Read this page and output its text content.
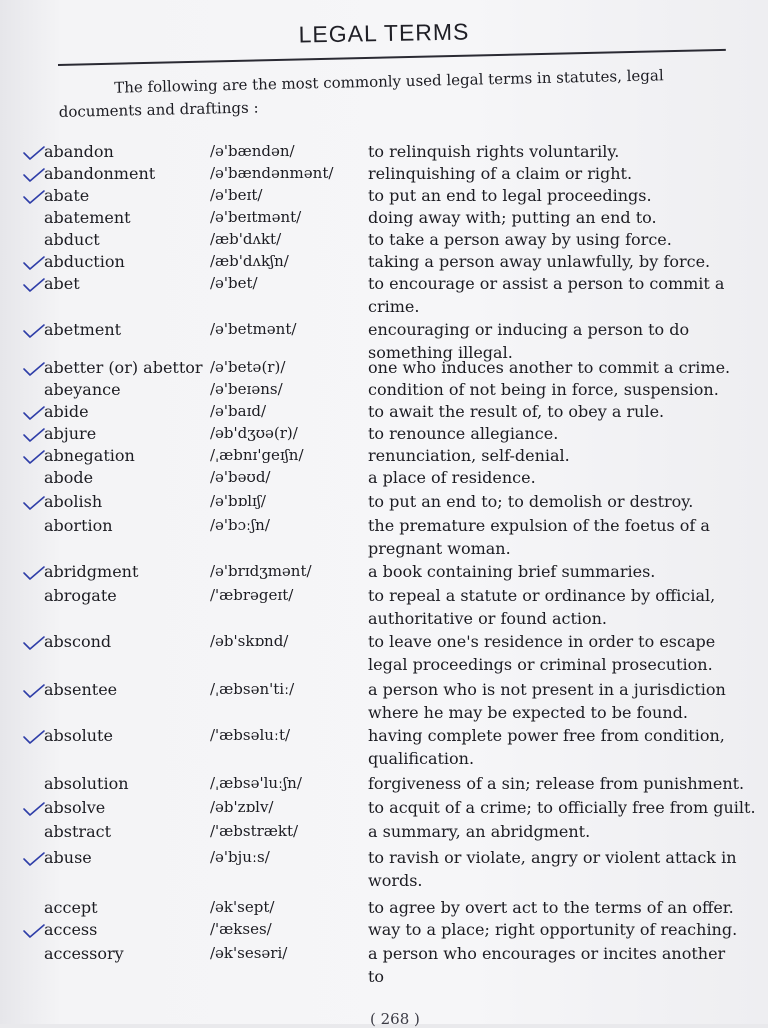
LEGAL TERMS
The following are the most commonly used legal terms in statutes, legal
documents and draftings :
abandon	/ə'bændən/	to relinquish rights voluntarily.
abandonment	/ə'bændənmənt/	relinquishing of a claim or right.
abate	/ə'beɪt/	to put an end to legal proceedings.
abatement	/ə'beɪtmənt/	doing away with; putting an end to.
abduct	/æb'dʌkt/	to take a person away by using force.
abduction	/æb'dʌkʃn/	taking a person away unlawfully, by force.
abet	/ə'bet/	to encourage or assist a person to commit a
crime.
abetment	/ə'betmənt/	encouraging or inducing a person to do
something illegal.
abetter (or) abettor /ə'betə(r)/	one who induces another to commit a crime.
abeyance	/ə'beɪəns/	condition of not being in force, suspension.
abide	/ə'baɪd/	to await the result of, to obey a rule.
abjure	/əb'dʒʊə(r)/	to renounce allegiance.
abnegation	/ˌæbnɪ'geɪʃn/	renunciation, self-denial.
abode	/ə'bəʊd/	a place of residence.
abolish	/ə'bɒlɪʃ/	to put an end to; to demolish or destroy.
abortion	/ə'bɔːʃn/	the premature expulsion of the foetus of a
pregnant woman.
abridgment	/ə'brɪdʒmənt/	a book containing brief summaries.
abrogate	/'æbrəgeɪt/	to repeal a statute or ordinance by official,
authoritative or found action.
abscond	/əb'skɒnd/	to leave one's residence in order to escape
legal proceedings or criminal prosecution.
absentee	/ˌæbsən'tiː/	a person who is not present in a jurisdiction
where he may be expected to be found.
absolute	/'æbsəluːt/	having complete power free from condition,
qualification.
absolution	/ˌæbsə'luːʃn/	forgiveness of a sin; release from punishment.
absolve	/əb'zɒlv/	to acquit of a crime; to officially free from guilt.
abstract	/'æbstrækt/	a summary, an abridgment.
abuse	/ə'bjuːs/	to ravish or violate, angry or violent attack in
words.
accept	/ək'sept/	to agree by overt act to the terms of an offer.
access	/'ækses/	way to a place; right opportunity of reaching.
accessory	/ək'sesəri/	a person who encourages or incites another
to
( 268 )
